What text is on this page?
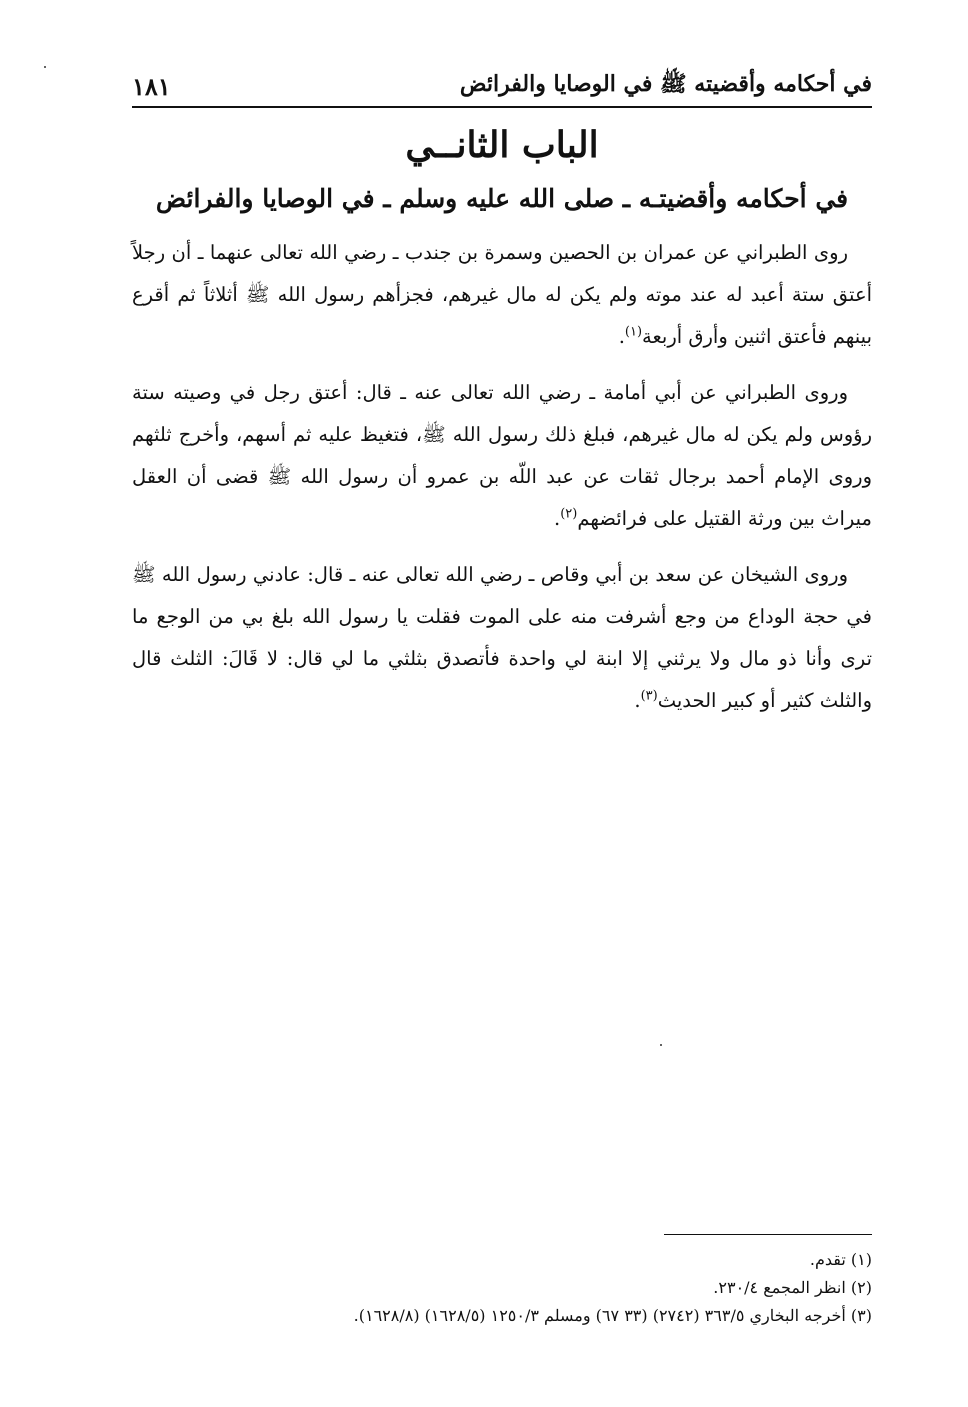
في أحكامه وأقضيته ﷺ في الوصايا والفرائض
١٨١
الباب الثانــي
في أحكامه وأقضيتـه ـ صلى الله عليه وسلم ـ في الوصايا والفرائض

روى الطبراني عن عمران بن الحصين وسمرة بن جندب ـ رضي الله تعالى عنهما ـ أن رجلاً أعتق ستة أعبد له عند موته ولم يكن له مال غيرهم، فجزأهم رسول الله ﷺ أثلاثاً ثم أقرع بينهم فأعتق اثنين وأرق أربعة$^{(١)}$.

وروى الطبراني عن أبي أمامة ـ رضي الله تعالى عنه ـ قال: أعتق رجل في وصيته ستة رؤوس ولم يكن له مال غيرهم، فبلغ ذلك رسول الله ﷺ، فتغيظ عليه ثم أسهم، وأخرج ثلثهم وروى الإمام أحمد برجال ثقات عن عبد اللّه بن عمرو أن رسول الله ﷺ قضى أن العقل ميراث بين ورثة القتيل على فرائضهم$^{(٢)}$.

وروى الشيخان عن سعد بن أبي وقاص ـ رضي الله تعالى عنه ـ قال: عادني رسول الله ﷺ في حجة الوداع من وجع أشرفت منه على الموت فقلت يا رسول الله بلغ بي من الوجع ما ترى وأنا ذو مال ولا يرثني إلا ابنة لي واحدة فأتصدق بثلثي ما لي قال: لا قَالَ: الثلث قال والثلث كثير أو كبير الحديث$^{(٣)}$.

(١) تقدم.
(٢) انظر المجمع ٢٣٠/٤.
(٣) أخرجه البخاري ٣٦٣/٥ (٢٧٤٢) (٣٣ ٦٧) ومسلم ١٢٥٠/٣ (١٦٢٨/٥) (١٦٢٨/٨).
